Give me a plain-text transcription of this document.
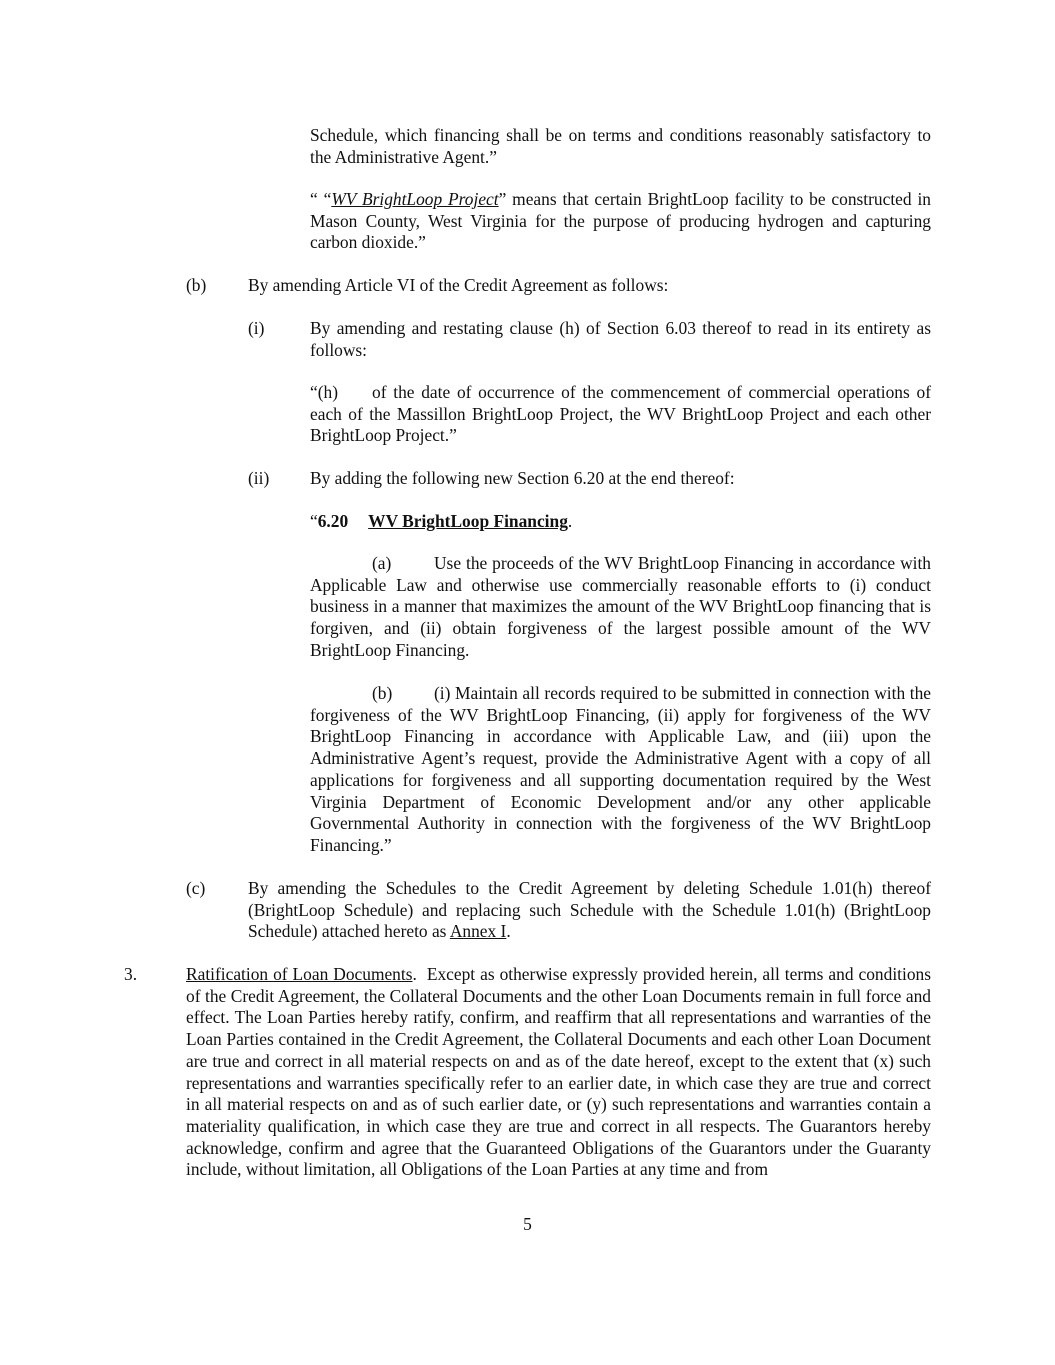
Schedule, which financing shall be on terms and conditions reasonably satisfactory to the Administrative Agent.”

“ “WV BrightLoop Project” means that certain BrightLoop facility to be constructed in Mason County, West Virginia for the purpose of producing hydrogen and capturing carbon dioxide.”

(b) By amending Article VI of the Credit Agreement as follows:

(i)	By amending and restating clause (h) of Section 6.03 thereof to read in its entirety as follows:

of the date of occurrence of the commencement of commercial operations of each of the Massillon BrightLoop Project, the WV BrightLoop Project and each other BrightLoop Project.”

“(h)

(ii) By adding the following new Section 6.20 at the end thereof:

“6.20 WV BrightLoop Financing.

Use the proceeds of the WV BrightLoop Financing in accordance with Applicable Law and otherwise use commercially reasonable efforts to (i) conduct business in a manner that maximizes the amount of the WV BrightLoop financing that is forgiven, and (ii) obtain forgiveness of the largest possible amount of the WV BrightLoop Financing.

(a)

(i) Maintain all records required to be submitted in connection with the forgiveness of the WV BrightLoop Financing, (ii) apply for forgiveness of the WV BrightLoop Financing in accordance with Applicable Law, and (iii) upon the Administrative Agent’s request, provide the Administrative Agent with a copy of all applications for forgiveness and all supporting documentation required by the West Virginia Department of Economic Development and/or any other applicable Governmental Authority in connection with the forgiveness of the WV BrightLoop Financing.”

(b)

(c) By amending the Schedules to the Credit Agreement by deleting Schedule 1.01(h) thereof (BrightLoop Schedule) and replacing such Schedule with the Schedule 1.01(h) (BrightLoop Schedule) attached hereto as Annex I.

3.	Ratification of Loan Documents. Except as otherwise expressly provided herein, all terms and conditions of the Credit Agreement, the Collateral Documents and the other Loan Documents remain in full force and effect. The Loan Parties hereby ratify, confirm, and reaffirm that all representations and warranties of the Loan Parties contained in the Credit Agreement, the Collateral Documents and each other Loan Document are true and correct in all material respects on and as of the date hereof, except to the extent that (x) such representations and warranties specifically refer to an earlier date, in which case they are true and correct in all material respects on and as of such earlier date, or (y) such representations and warranties contain a materiality qualification, in which case they are true and correct in all respects. The Guarantors hereby acknowledge, confirm and agree that the Guaranteed Obligations of the Guarantors under the Guaranty include, without limitation, all Obligations of the Loan Parties at any time and from

5
